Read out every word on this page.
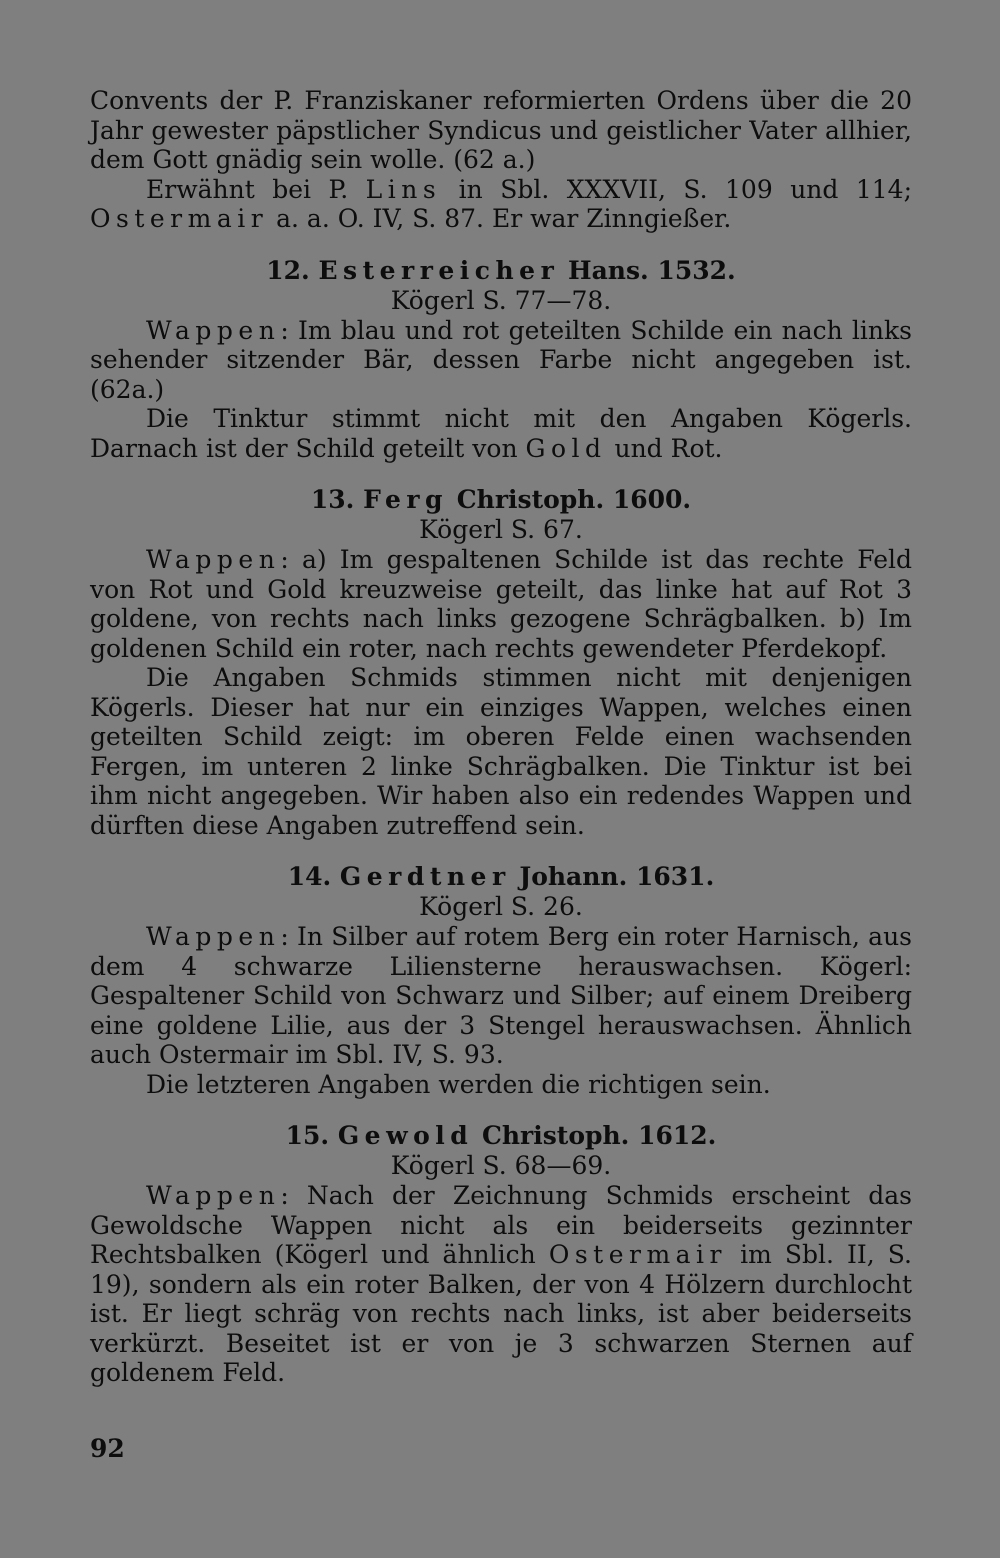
Convents der P. Franziskaner reformierten Ordens über die 20 Jahr gewester päpstlicher Syndicus und geistlicher Vater allhier, dem Gott gnädig sein wolle. (62 a.)

Erwähnt bei P. Lins in Sbl. XXXVII, S. 109 und 114; Ostermair a. a. O. IV, S. 87. Er war Zinngießer.

12. Esterreicher Hans. 1532.

Kögerl S. 77—78.

Wappen: Im blau und rot geteilten Schilde ein nach links sehender sitzender Bär, dessen Farbe nicht angegeben ist. (62a.)

Die Tinktur stimmt nicht mit den Angaben Kögerls. Darnach ist der Schild geteilt von Gold und Rot.

13. Ferg Christoph. 1600.

Kögerl S. 67.

Wappen: a) Im gespaltenen Schilde ist das rechte Feld von Rot und Gold kreuzweise geteilt, das linke hat auf Rot 3 goldene, von rechts nach links gezogene Schrägbalken. b) Im goldenen Schild ein roter, nach rechts gewendeter Pferdekopf.

Die Angaben Schmids stimmen nicht mit denjenigen Kögerls. Dieser hat nur ein einziges Wappen, welches einen geteilten Schild zeigt: im oberen Felde einen wachsenden Fergen, im unteren 2 linke Schrägbalken. Die Tinktur ist bei ihm nicht angegeben. Wir haben also ein redendes Wappen und dürften diese Angaben zutreffend sein.

14. Gerdtner Johann. 1631.

Kögerl S. 26.

Wappen: In Silber auf rotem Berg ein roter Harnisch, aus dem 4 schwarze Liliensterne herauswachsen. Kögerl: Gespaltener Schild von Schwarz und Silber; auf einem Dreiberg eine goldene Lilie, aus der 3 Stengel herauswachsen. Ähnlich auch Ostermair im Sbl. IV, S. 93.

Die letzteren Angaben werden die richtigen sein.

15. Gewold Christoph. 1612.

Kögerl S. 68—69.

Wappen: Nach der Zeichnung Schmids erscheint das Gewoldsche Wappen nicht als ein beiderseits gezinnter Rechtsbalken (Kögerl und ähnlich Ostermair im Sbl. II, S. 19), sondern als ein roter Balken, der von 4 Hölzern durchlocht ist. Er liegt schräg von rechts nach links, ist aber beiderseits verkürzt. Beseitet ist er von je 3 schwarzen Sternen auf goldenem Feld.

92
